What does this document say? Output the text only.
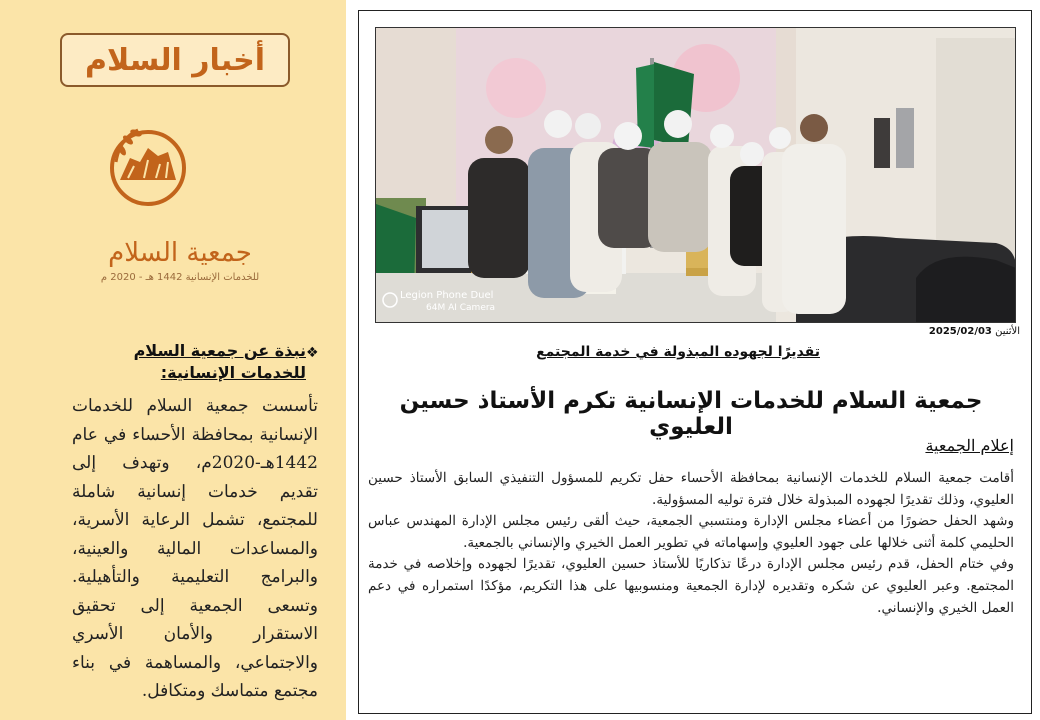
أخبار السلام
جمعية السلام
للخدمات الإنسانية 1442 هـ - 2020 م
❖
نبذة عن جمعية السلام للخدمات الإنسانية:
تأسست جمعية السلام للخدمات الإنسانية بمحافظة الأحساء في عام 1442هـ-2020م، وتهدف إلى تقديم خدمات إنسانية شاملة للمجتمع، تشمل الرعاية الأسرية، والمساعدات المالية والعينية، والبرامج التعليمية والتأهيلية. وتسعى الجمعية إلى تحقيق الاستقرار والأمان الأسري والاجتماعي، والمساهمة في بناء مجتمع متماسك ومتكافل.
Legion Phone Duel
64M AI Camera
الأثنين 2025/02/03
تقديرًا لجهوده المبذولة في خدمة المجتمع
جمعية السلام للخدمات الإنسانية تكرم الأستاذ حسين العليوي
إعلام الجمعية

أقامت جمعية السلام للخدمات الإنسانية بمحافظة الأحساء حفل تكريم للمسؤول التنفيذي السابق الأستاذ حسين العليوي، وذلك تقديرًا لجهوده المبذولة خلال فترة توليه المسؤولية.

وشهد الحفل حضورًا من أعضاء مجلس الإدارة ومنتسبي الجمعية، حيث ألقى رئيس مجلس الإدارة المهندس عباس الحليمي كلمة أثنى خلالها على جهود العليوي وإسهاماته في تطوير العمل الخيري والإنساني بالجمعية.

وفي ختام الحفل، قدم رئيس مجلس الإدارة درعًا تذكاريًا للأستاذ حسين العليوي، تقديرًا لجهوده وإخلاصه في خدمة المجتمع. وعبر العليوي عن شكره وتقديره لإدارة الجمعية ومنسوبيها على هذا التكريم، مؤكدًا استمراره في دعم العمل الخيري والإنساني.
